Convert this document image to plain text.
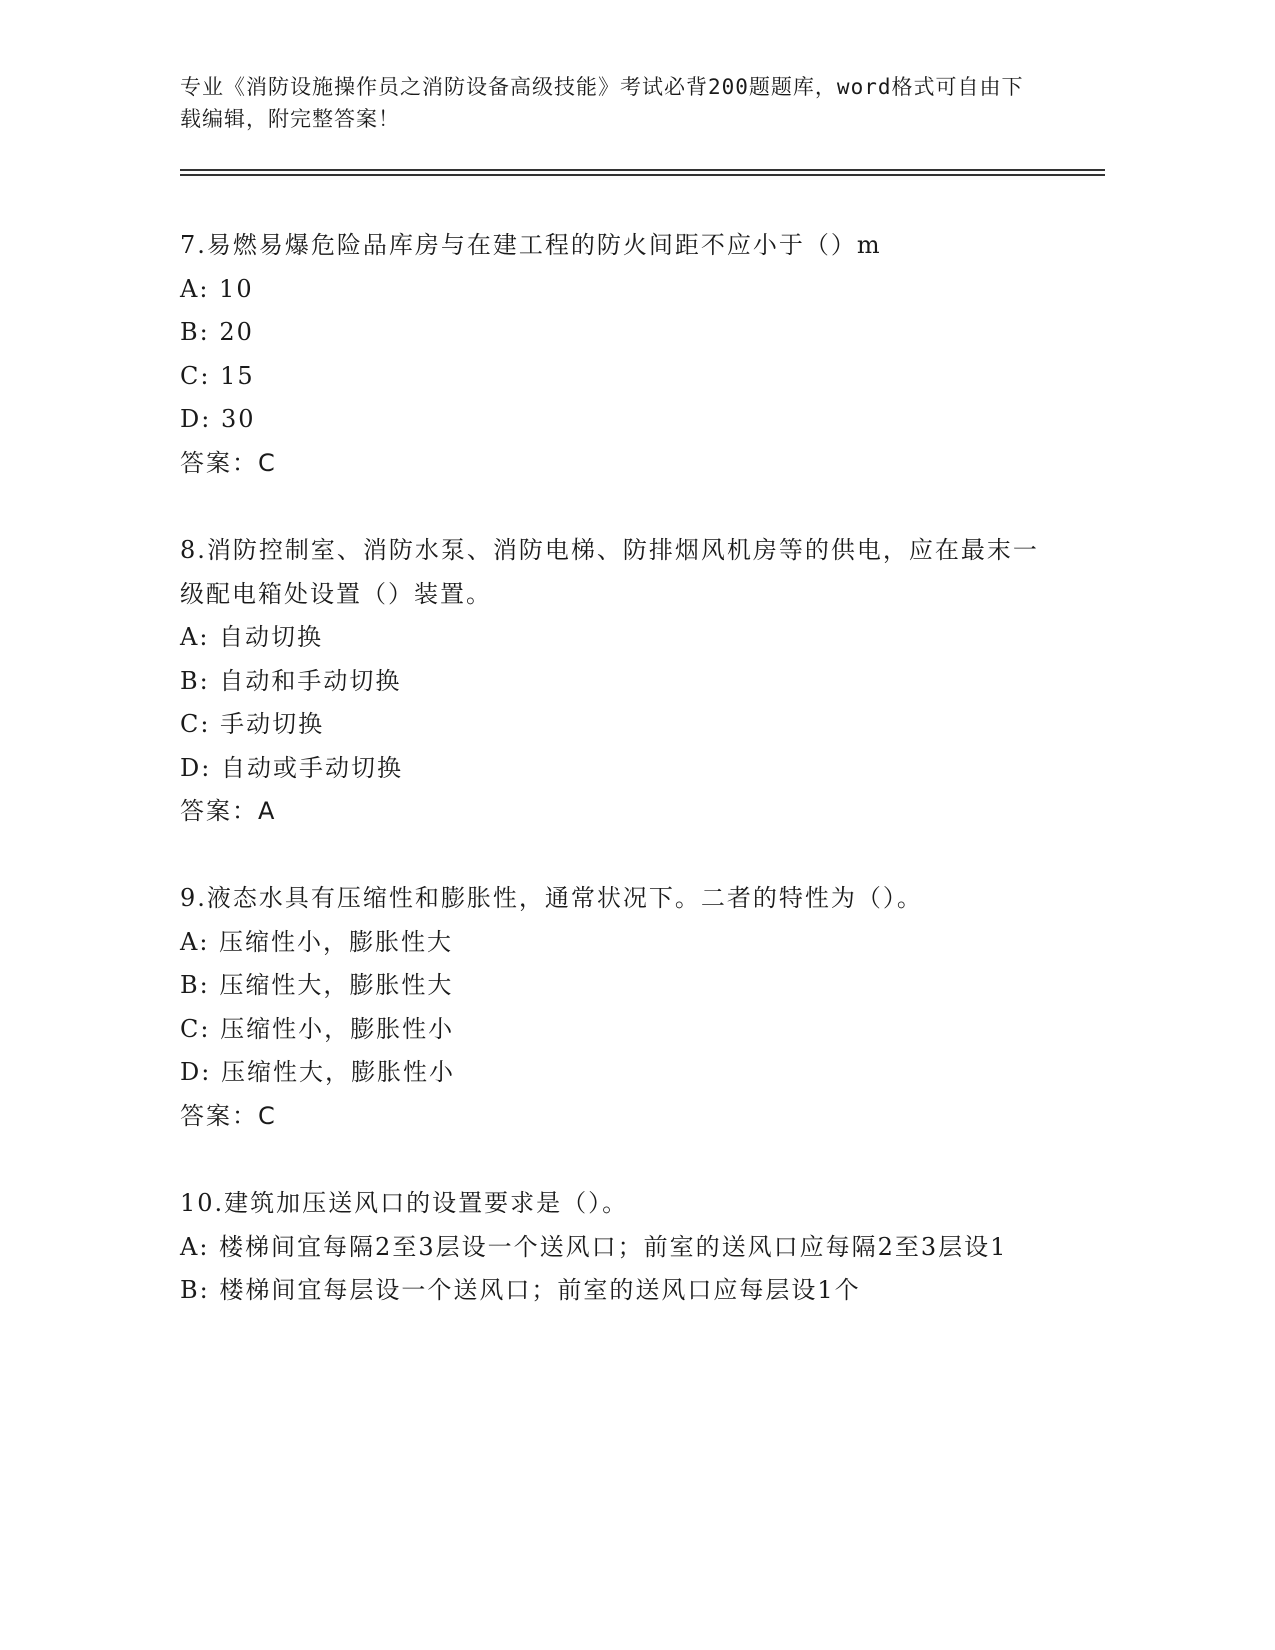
专业《消防设施操作员之消防设备高级技能》考试必背200题题库，word格式可自由下载编辑，附完整答案！
7.易燃易爆危险品库房与在建工程的防火间距不应小于（）m
A: 10
B: 20
C: 15
D: 30
答案：C
8.消防控制室、消防水泵、消防电梯、防排烟风机房等的供电，应在最末一级配电箱处设置（）装置。
A: 自动切换
B: 自动和手动切换
C: 手动切换
D: 自动或手动切换
答案：A
9.液态水具有压缩性和膨胀性，通常状况下。二者的特性为（）。
A: 压缩性小，膨胀性大
B: 压缩性大，膨胀性大
C: 压缩性小，膨胀性小
D: 压缩性大，膨胀性小
答案：C
10.建筑加压送风口的设置要求是（）。
A: 楼梯间宜每隔2至3层设一个送风口；前室的送风口应每隔2至3层设1
B: 楼梯间宜每层设一个送风口；前室的送风口应每层设1个
